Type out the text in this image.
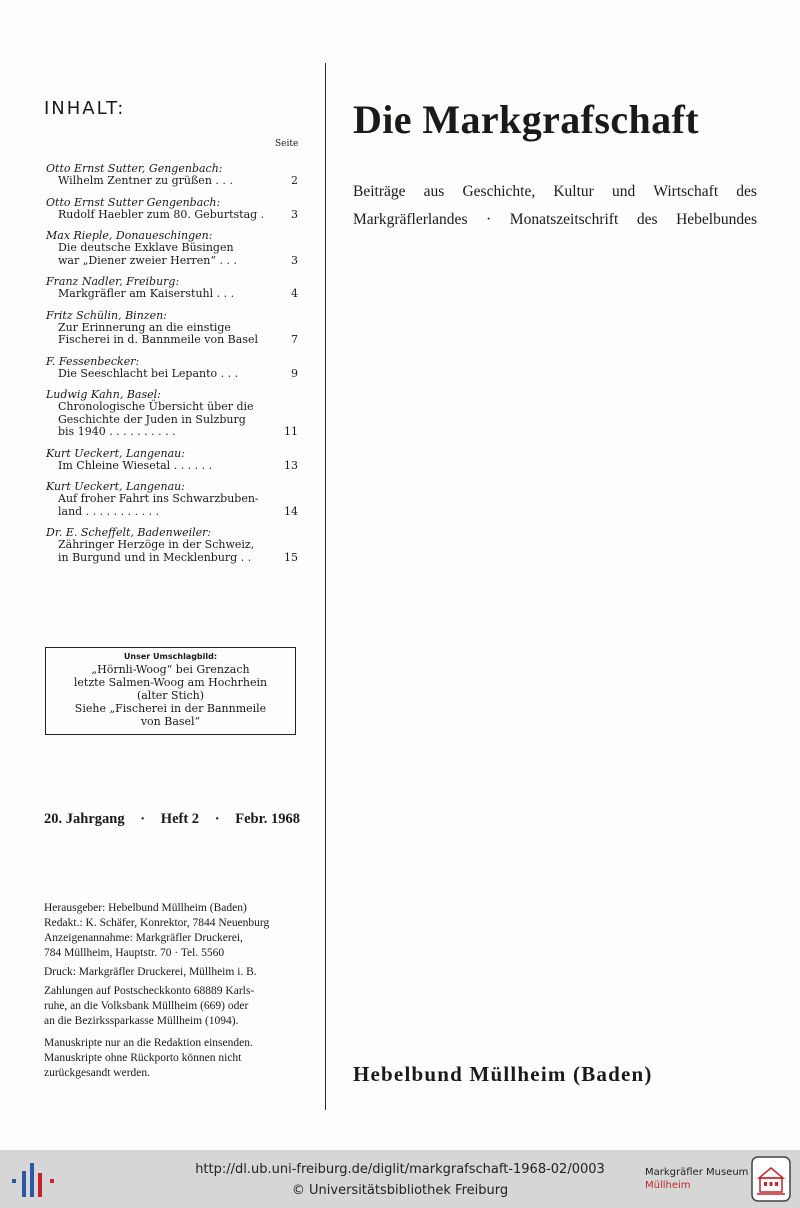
INHALT:
Seite
Otto Ernst Sutter, Gengenbach:
Wilhelm Zentner zu grüßen . . .	2
Otto Ernst Sutter Gengenbach:
Rudolf Haebler zum 80. Geburtstag .	3
Max Rieple, Donaueschingen:
Die deutsche Exklave Büsingen
war „Diener zweier Herren“ . . .	3
Franz Nadler, Freiburg:
Markgräfler am Kaiserstuhl . . .	4
Fritz Schülin, Binzen:
Zur Erinnerung an die einstige
Fischerei in d. Bannmeile von Basel	7
F. Fessenbecker:
Die Seeschlacht bei Lepanto . . .	9
Ludwig Kahn, Basel:
Chronologische Übersicht über die
Geschichte der Juden in Sulzburg
bis 1940 . . . . . . . . . .	11
Kurt Ueckert, Langenau:
Im Chleine Wiesetal . . . . . .	13
Kurt Ueckert, Langenau:
Auf froher Fahrt ins Schwarzbuben-
land . . . . . . . . . . .	14
Dr. E. Scheffelt, Badenweiler:
Zähringer Herzöge in der Schweiz,
in Burgund und in Mecklenburg . .	15
Unser Umschlagbild:
„Hörnli-Woog“ bei Grenzach
letzte Salmen-Woog am Hochrhein
(alter Stich)
Siehe „Fischerei in der Bannmeile
von Basel“
20. Jahrgang · Heft 2 · Febr. 1968

Herausgeber: Hebelbund Müllheim (Baden)

Redakt.: K. Schäfer, Konrektor, 7844 Neuenburg

Anzeigenannahme: Markgräfler Druckerei,

784 Müllheim, Hauptstr. 70 · Tel. 5560

Druck: Markgräfler Druckerei, Müllheim i. B.

Zahlungen auf Postscheckkonto 68889 Karls-

ruhe, an die Volksbank Müllheim (669) oder

an die Bezirkssparkasse Müllheim (1094).

Manuskripte nur an die Redaktion einsenden.

Manuskripte ohne Rückporto können nicht

zurückgesandt werden.

Die Markgrafschaft
Beiträge aus Geschichte, Kultur und Wirtschaft des
Markgräflerlandes · Monatszeitschrift des Hebelbundes
Hebelbund Müllheim (Baden)
http://dl.ub.uni-freiburg.de/diglit/markgrafschaft-1968-02/0003
© Universitätsbibliothek Freiburg
Markgräfler Museum
Müllheim
